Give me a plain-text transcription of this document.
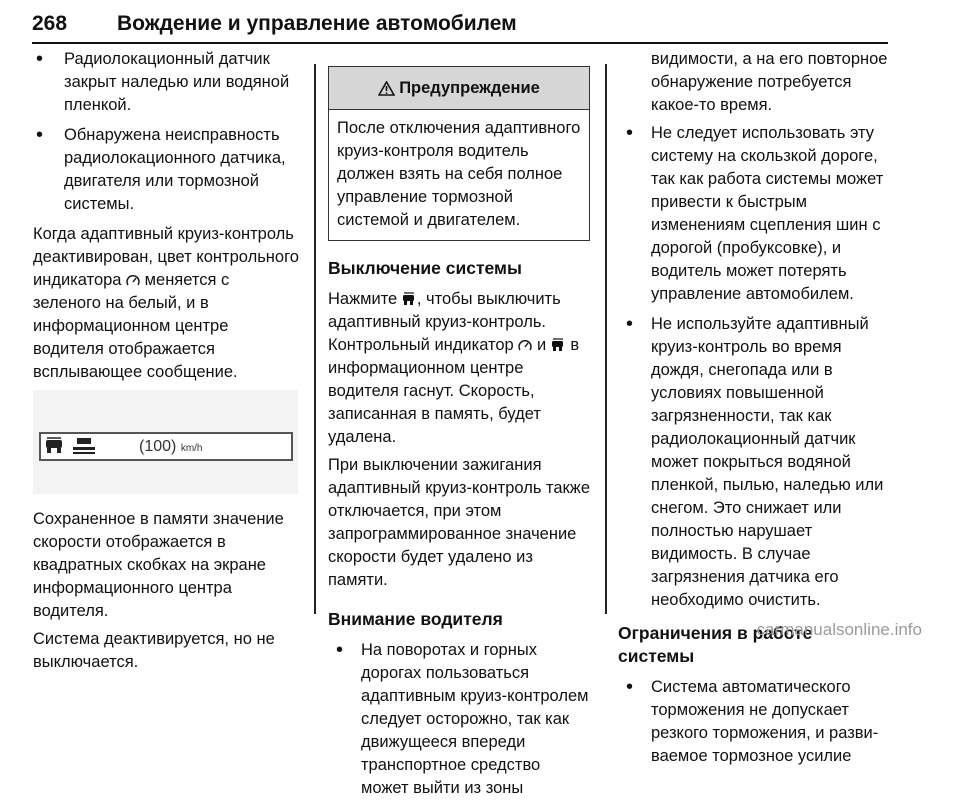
268 Вождение и управление автомобилем
• Радиолокационный датчик закрыт наледью или водяной пленкой.
• Обнаружена неисправность радиолокационного датчика, двигателя или тормозной системы.

Когда адаптивный круиз-контроль деактивирован, цвет контрольного индикатора меняется с зеленого на белый, и в информационном центре водителя отображается всплывающее сообщение.

(100) km/h

Сохраненное в памяти значение скорости отображается в квадратных скобках на экране информационного центра водителя.

Система деактивируется, но не выключается.

Предупреждение
После отключения адаптивного круиз-контроля водитель должен взять на себя полное управление тормозной системой и двигателем.
Выключение системы

Нажмите , чтобы выключить адаптивный круиз-контроль. Контрольный индикатор и в информационном центре водителя гаснут. Скорость, записанная в память, будет удалена.

При выключении зажигания адаптивный круиз-контроль также отключается, при этом запрограммированное значение скорости будет удалено из памяти.

Внимание водителя
• На поворотах и горных дорогах пользоваться адаптивным круиз-контролем следует осторожно, так как движущееся впереди транспортное средство может выйти из зоны

видимости, а на его повторное обнаружение потребуется какое-то время.

• Не следует использовать эту систему на скользкой дороге, так как работа системы может привести к быстрым изменениям сцепления шин с дорогой (пробуксовке), и водитель может потерять управление автомобилем.
• Не используйте адаптивный круиз-контроль во время дождя, снегопада или в условиях повышенной загрязненности, так как радиолокационный датчик может покрыться водяной пленкой, пылью, наледью или снегом. Это снижает или полностью нарушает видимость. В случае загрязнения датчика его необходимо очистить.
Ограничения в работе системы
• Система автоматического торможения не допускает резкого торможения, и разви-ваемое тормозное усилие
carmanualsonline.info
